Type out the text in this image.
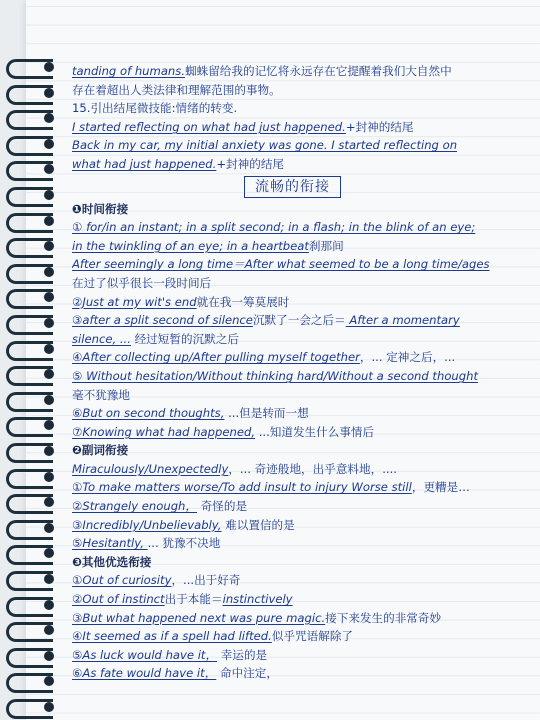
tanding of humans.蜘蛛留给我的记忆将永远存在它提醒着我们大自然中
存在着超出人类法律和理解范围的事物。
15.引出结尾微技能:情绪的转变.
I started reflecting on what had just happened.+封神的结尾
Back in my car, my initial anxiety was gone. I started reflecting on
what had just happened.+封神的结尾
流畅的衔接
❶时间衔接
① for/in an instant; in a split second; in a flash; in the blink of an eye;
in the twinkling of an eye; in a heartbeat刹那间
After seemingly a long time＝After what seemed to be a long time/ages
在过了似乎很长一段时间后
②Just at my wit's end就在我一筹莫展时
③after a split second of silence沉默了一会之后＝ After a momentary
silence, ... 经过短暂的沉默之后
④After collecting up/After pulling myself together，... 定神之后，...
⑤ Without hesitation/Without thinking hard/Without a second thought
毫不犹豫地
⑥But on second thoughts, ...但是转而一想
⑦Knowing what had happened, ...知道发生什么事情后
❷副词衔接
Miraculously/Unexpectedly，... 奇迹般地，出乎意料地，....
①To make matters worse/To add insult to injury Worse still，更糟是…
②Strangely enough， 奇怪的是
③Incredibly/Unbelievably, 难以置信的是
⑤Hesitantly, ... 犹豫不决地
❸其他优选衔接
①Out of curiosity，...出于好奇
②Out of instinct出于本能＝instinctively
③But what happened next was pure magic.接下来发生的非常奇妙
④It seemed as if a spell had lifted.似乎咒语解除了
⑤As luck would have it， 幸运的是
⑥As fate would have it， 命中注定，
